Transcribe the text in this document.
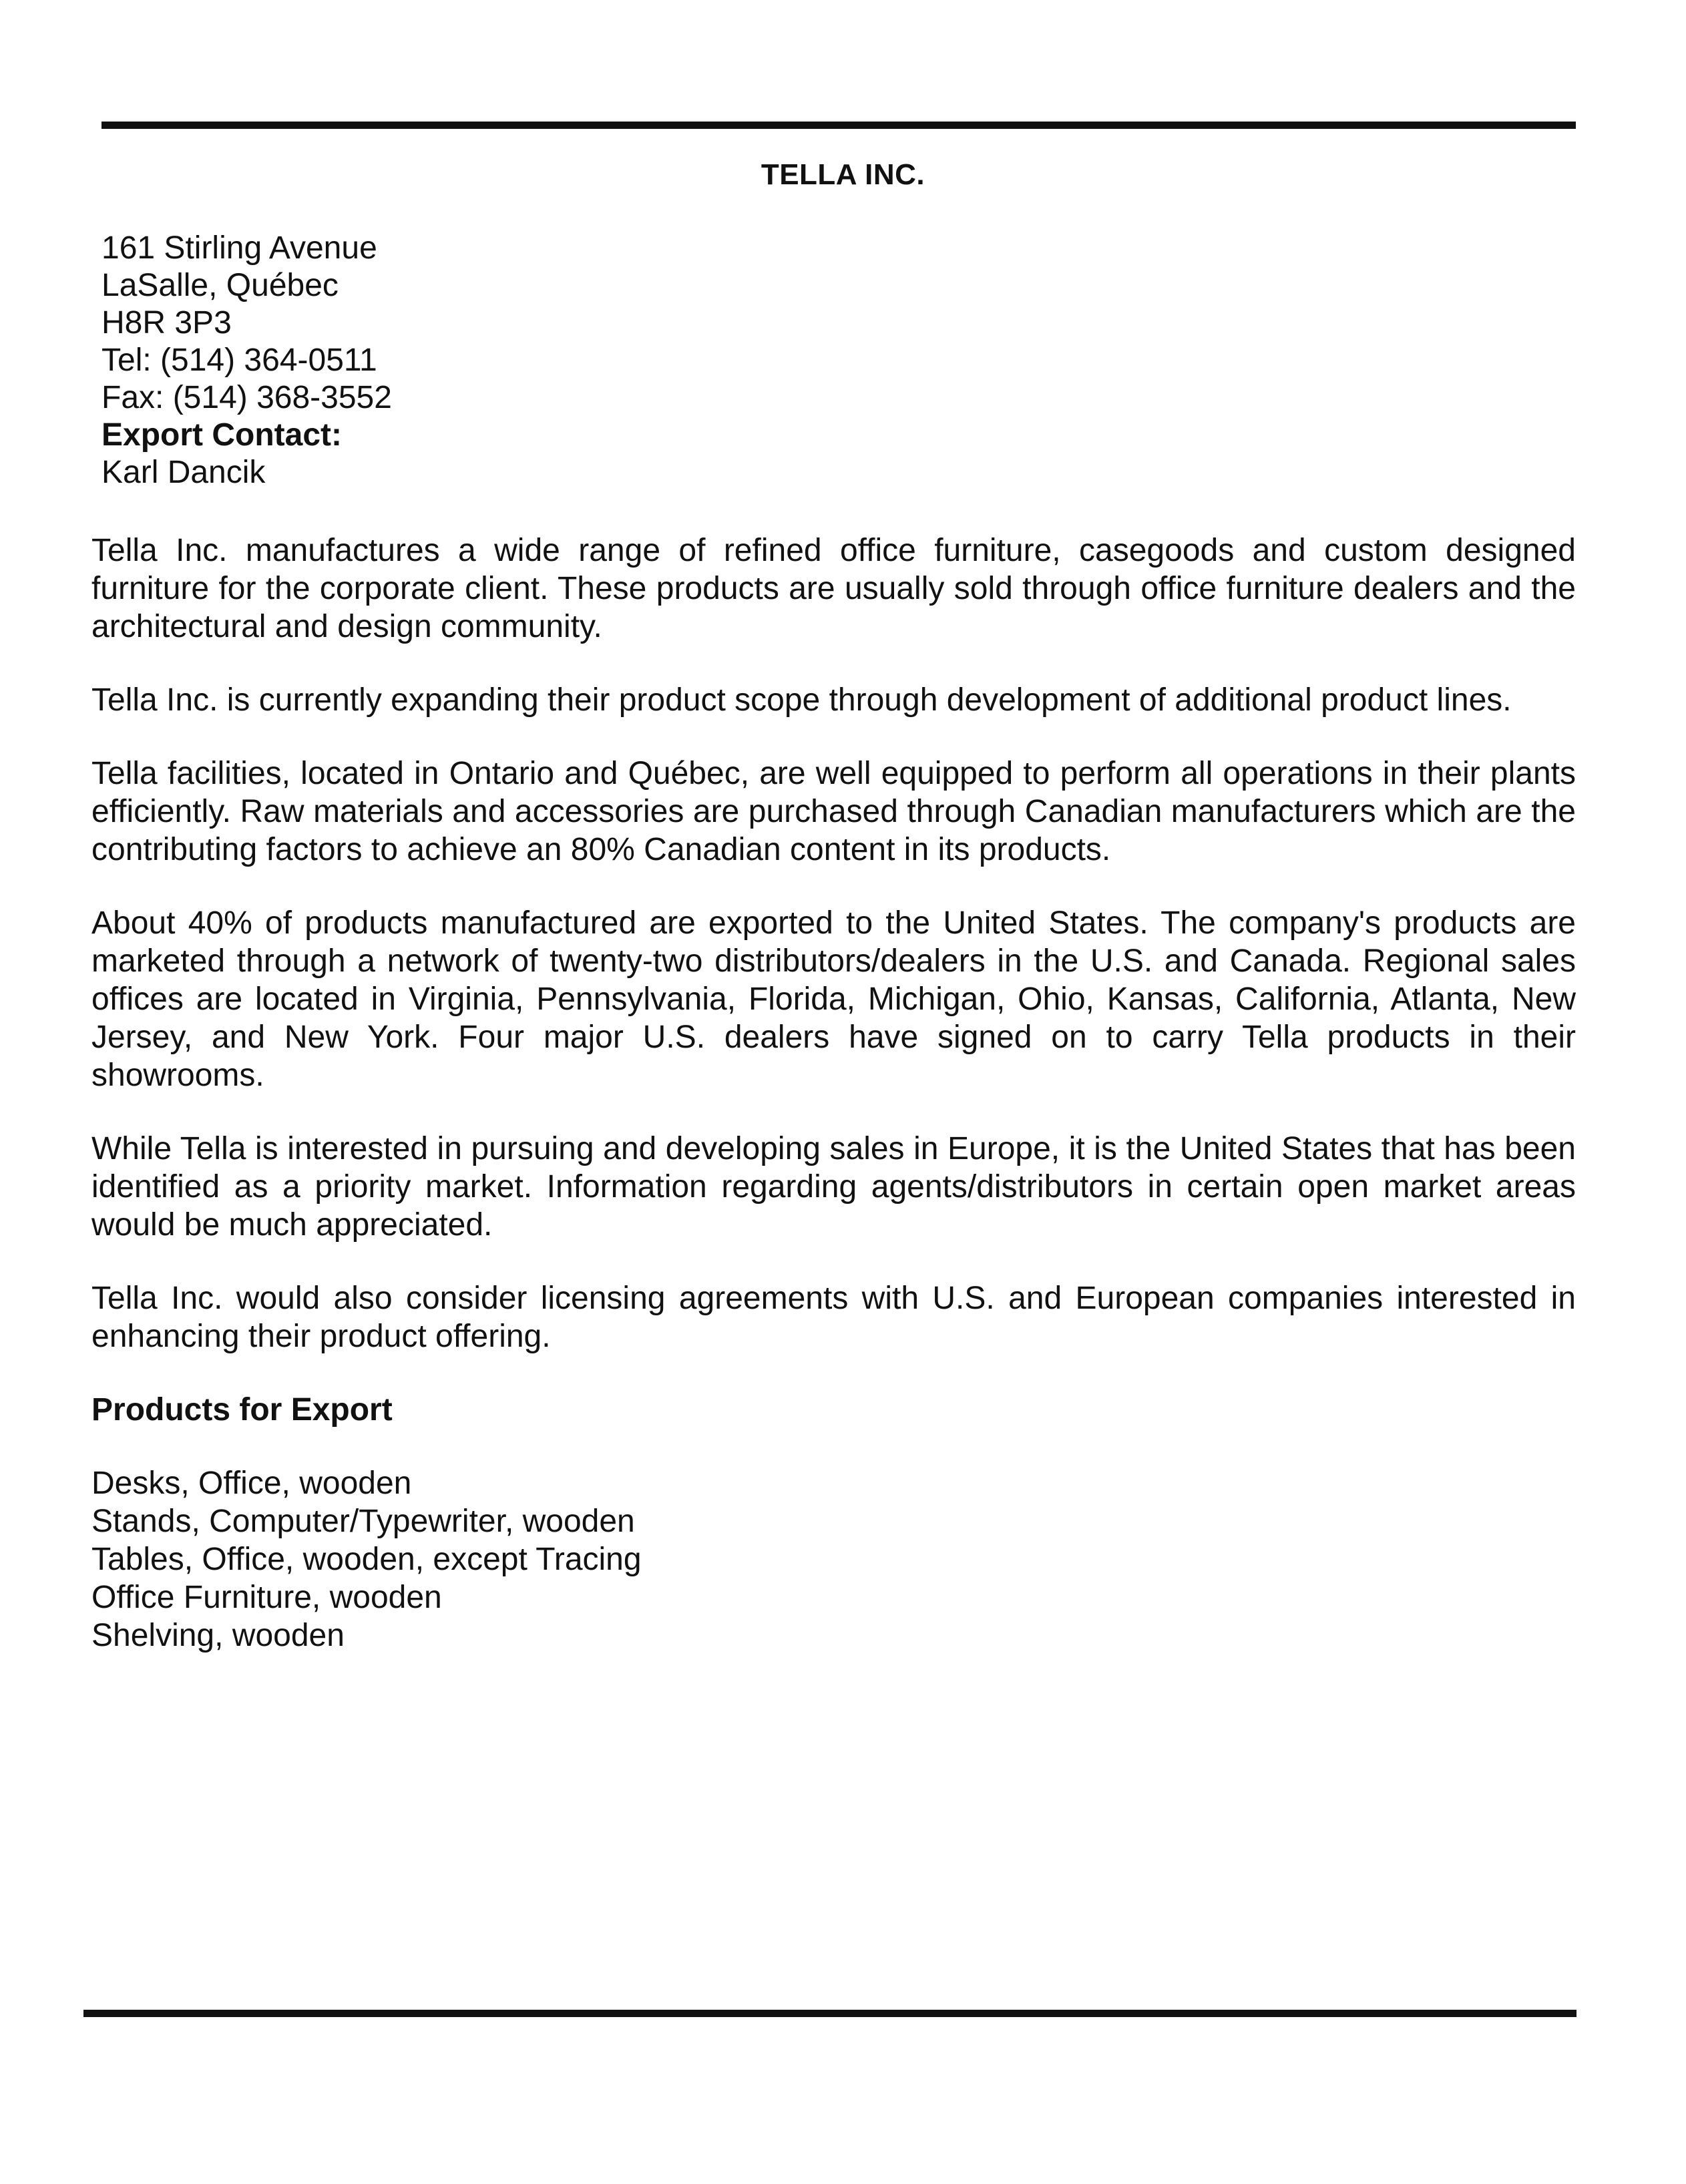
TELLA INC.
161 Stirling Avenue
LaSalle, Québec
H8R 3P3
Tel: (514) 364-0511
Fax: (514) 368-3552
Export Contact:
Karl Dancik

Tella Inc. manufactures a wide range of refined office furniture, casegoods and custom designed furniture for the corporate client. These products are usually sold through office furniture dealers and the architectural and design community.

Tella Inc. is currently expanding their product scope through development of additional product lines.

Tella facilities, located in Ontario and Québec, are well equipped to perform all operations in their plants efficiently. Raw materials and accessories are purchased through Canadian manufacturers which are the contributing factors to achieve an 80% Canadian content in its products.

About 40% of products manufactured are exported to the United States. The company's products are marketed through a network of twenty-two distributors/dealers in the U.S. and Canada. Regional sales offices are located in Virginia, Pennsylvania, Florida, Michigan, Ohio, Kansas, California, Atlanta, New Jersey, and New York. Four major U.S. dealers have signed on to carry Tella products in their showrooms.

While Tella is interested in pursuing and developing sales in Europe, it is the United States that has been identified as a priority market. Information regarding agents/distributors in certain open market areas would be much appreciated.

Tella Inc. would also consider licensing agreements with U.S. and European companies interested in enhancing their product offering.

Products for Export
Desks, Office, wooden
Stands, Computer/Typewriter, wooden
Tables, Office, wooden, except Tracing
Office Furniture, wooden
Shelving, wooden
